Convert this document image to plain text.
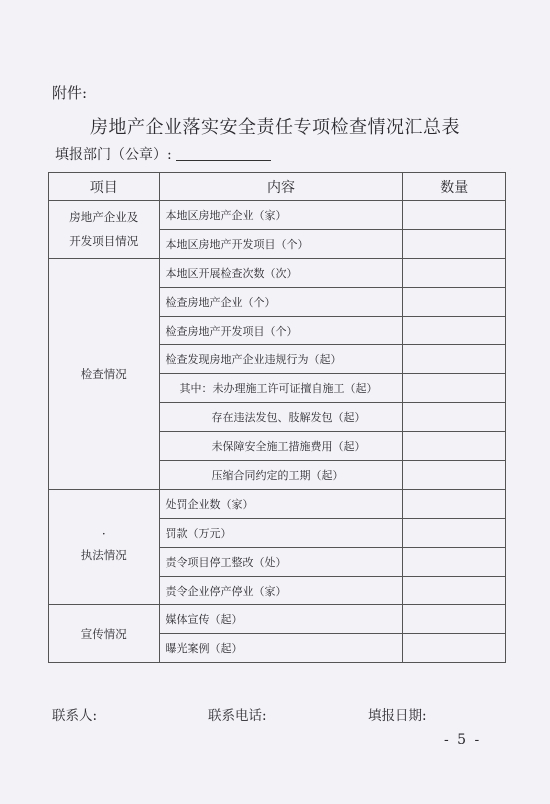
附件:
房地产企业落实安全责任专项检查情况汇总表
填报部门（公章）:
项目	内容	数量
房地产企业及
开发项目情况	本地区房地产企业（家）	
	本地区房地产开发项目（个）	
检查情况	本地区开展检查次数（次）	
	检查房地产企业（个）	
	检查房地产开发项目（个）	
	检查发现房地产企业违规行为（起）	
	其中：未办理施工许可证擅自施工（起）	
	存在违法发包、肢解发包（起）	
	未保障安全施工措施费用（起）	
	压缩合同约定的工期（起）	

·
执法情况	处罚企业数（家）	
	罚款（万元）	
	责令项目停工整改（处）	
	责令企业停产停业（家）	
宣传情况	媒体宣传（起）	
	曝光案例（起）	
联系人:	联系电话:	填报日期:
- 5 -
